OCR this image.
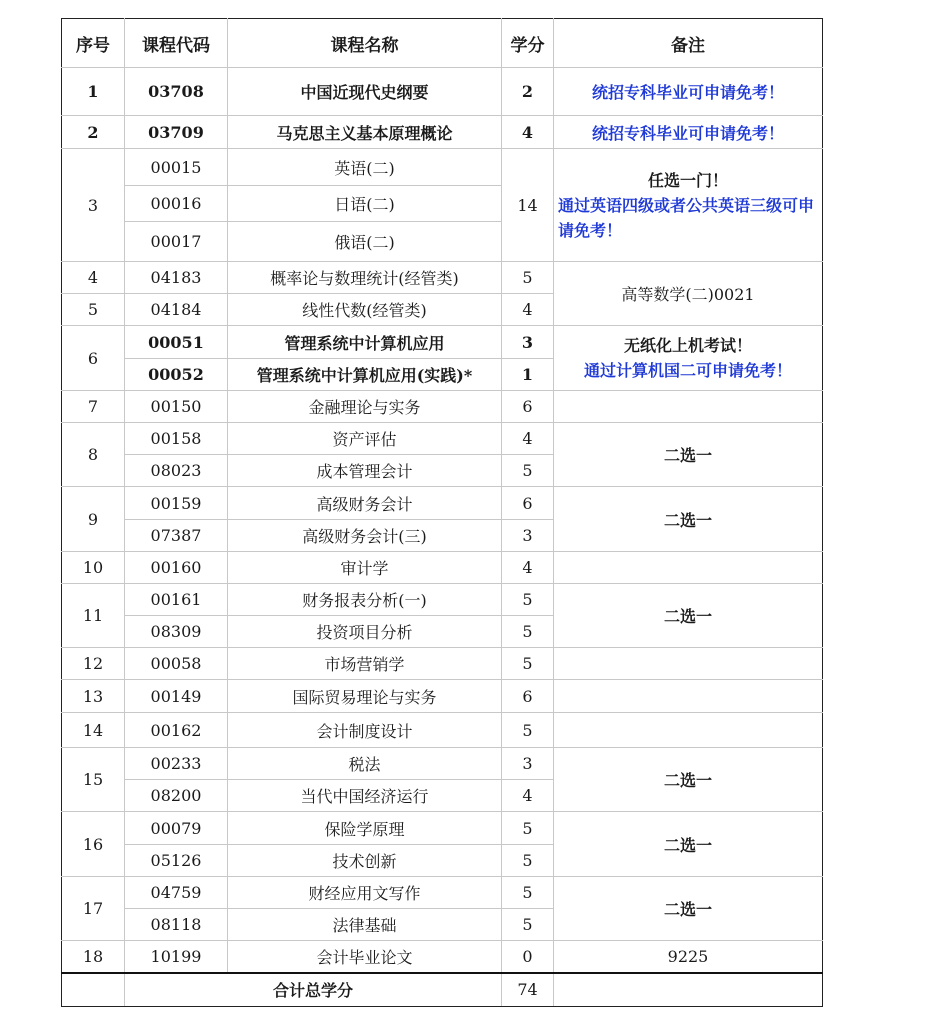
序号	课程代码	课程名称	学分	备注
1	03708	中国近现代史纲要	2	统招专科毕业可申请免考！
2	03709	马克思主义基本原理概论	4	统招专科毕业可申请免考！
3	00015	英语(二)	14	任选一门！
通过英语四级或者公共英语三级可申请免考！

	00016	日语(二)		
	00017	俄语(二)		
4	04183	概率论与数理统计(经管类)	5	高等数学(二)0021
5	04184	线性代数(经管类)	4	
6	00051	管理系统中计算机应用	3	无纸化上机考试！
通过计算机国二可申请免考！

	00052	管理系统中计算机应用(实践)*	1	
7	00150	金融理论与实务	6	
8	00158	资产评估	4	二选一
	08023	成本管理会计	5	
9	00159	高级财务会计	6	二选一
	07387	高级财务会计(三)	3	
10	00160	审计学	4	
11	00161	财务报表分析(一)	5	二选一
	08309	投资项目分析	5	
12	00058	市场营销学	5	
13	00149	国际贸易理论与实务	6	
14	00162	会计制度设计	5	
15	00233	税法	3	二选一
	08200	当代中国经济运行	4	
16	00079	保险学原理	5	二选一
	05126	技术创新	5	
17	04759	财经应用文写作	5	二选一
	08118	法律基础	5	
18	10199	会计毕业论文	0	9225
	合计总学分		74	
